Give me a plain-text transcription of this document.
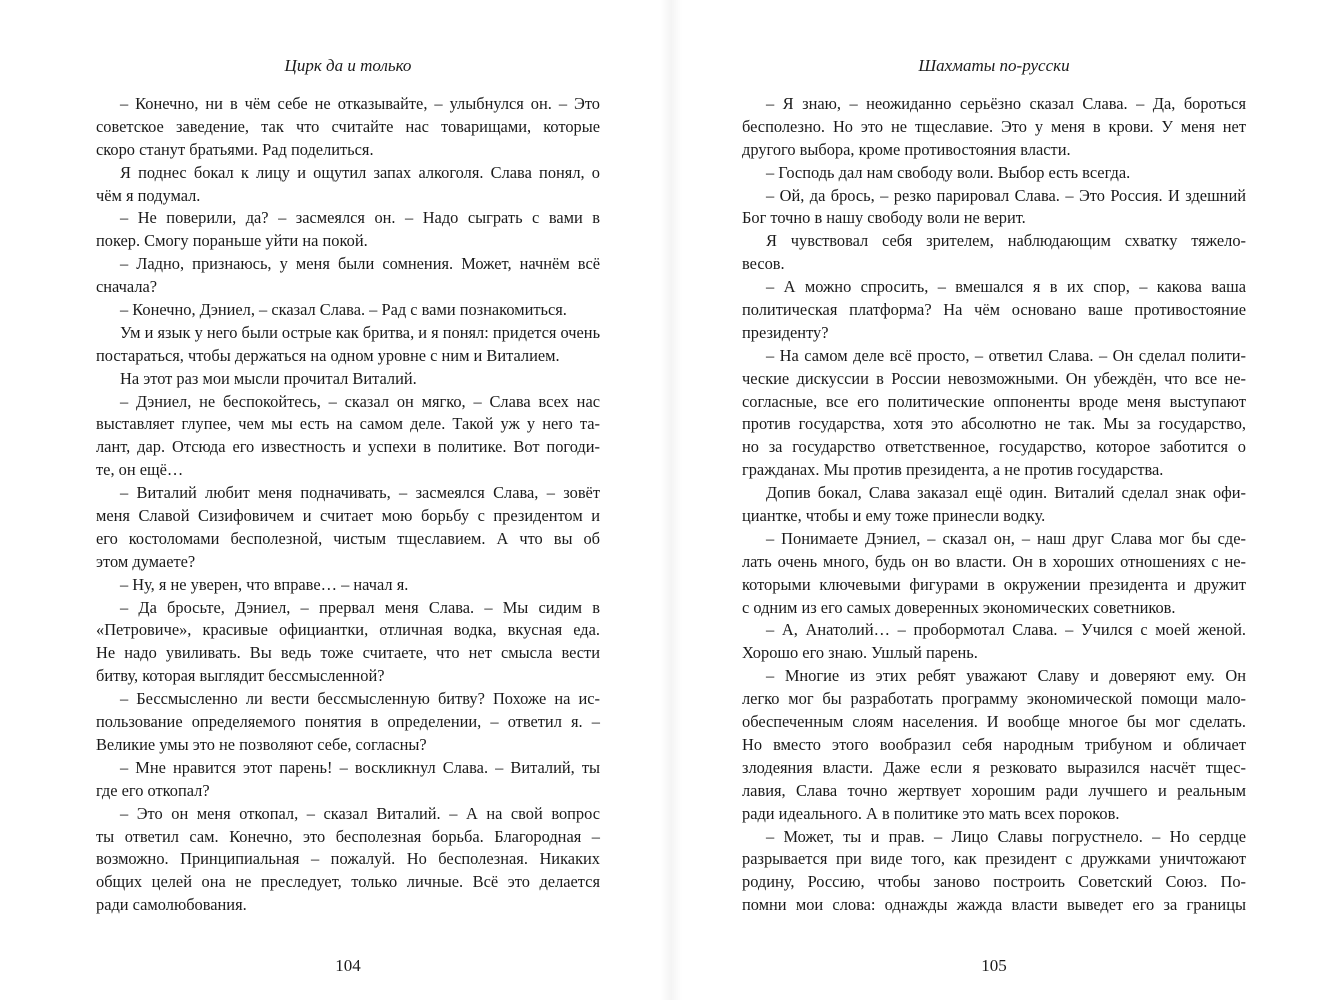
Цирк да и только
– Конечно, ни в чём себе не отказывайте, – улыбнулся он. – Это
советское заведение, так что считайте нас товарищами, которые
скоро станут братьями. Рад поделиться.
Я поднес бокал к лицу и ощутил запах алкоголя. Слава понял, о
чём я подумал.
– Не поверили, да? – засмеялся он. – Надо сыграть с вами в
покер. Смогу пораньше уйти на покой.
– Ладно, признаюсь, у меня были сомнения. Может, начнём всё
сначала?
– Конечно, Дэниел, – сказал Слава. – Рад с вами познакомиться.
Ум и язык у него были острые как бритва, и я понял: придется очень
постараться, чтобы держаться на одном уровне с ним и Виталием.
На этот раз мои мысли прочитал Виталий.
– Дэниел, не беспокойтесь, – сказал он мягко, – Слава всех нас
выставляет глупее, чем мы есть на самом деле. Такой уж у него та-
лант, дар. Отсюда его известность и успехи в политике. Вот погоди-
те, он ещё…
– Виталий любит меня подначивать, – засмеялся Слава, – зовёт
меня Славой Сизифовичем и считает мою борьбу с президентом и
его костоломами бесполезной, чистым тщеславием. А что вы об
этом думаете?
– Ну, я не уверен, что вправе… – начал я.
– Да бросьте, Дэниел, – прервал меня Слава. – Мы сидим в
«Петровиче», красивые официантки, отличная водка, вкусная еда.
Не надо увиливать. Вы ведь тоже считаете, что нет смысла вести
битву, которая выглядит бессмысленной?
– Бессмысленно ли вести бессмысленную битву? Похоже на ис-
пользование определяемого понятия в определении, – ответил я. –
Великие умы это не позволяют себе, согласны?
– Мне нравится этот парень! – воскликнул Слава. – Виталий, ты
где его откопал?
– Это он меня откопал, – сказал Виталий. – А на свой вопрос
ты ответил сам. Конечно, это бесполезная борьба. Благородная –
возможно. Принципиальная – пожалуй. Но бесполезная. Никаких
общих целей она не преследует, только личные. Всё это делается
ради самолюбования.
104
Шахматы по-русски
– Я знаю, – неожиданно серьёзно сказал Слава. – Да, бороться
бесполезно. Но это не тщеславие. Это у меня в крови. У меня нет
другого выбора, кроме противостояния власти.
– Господь дал нам свободу воли. Выбор есть всегда.
– Ой, да брось, – резко парировал Слава. – Это Россия. И здешний
Бог точно в нашу свободу воли не верит.
Я чувствовал себя зрителем, наблюдающим схватку тяжело-
весов.
– А можно спросить, – вмешался я в их спор, – какова ваша
политическая платформа? На чём основано ваше противостояние
президенту?
– На самом деле всё просто, – ответил Слава. – Он сделал полити-
ческие дискуссии в России невозможными. Он убеждён, что все не-
согласные, все его политические оппоненты вроде меня выступают
против государства, хотя это абсолютно не так. Мы за государство,
но за государство ответственное, государство, которое заботится о
гражданах. Мы против президента, а не против государства.
Допив бокал, Слава заказал ещё один. Виталий сделал знак офи-
циантке, чтобы и ему тоже принесли водку.
– Понимаете Дэниел, – сказал он, – наш друг Слава мог бы сде-
лать очень много, будь он во власти. Он в хороших отношениях с не-
которыми ключевыми фигурами в окружении президента и дружит
с одним из его самых доверенных экономических советников.
– А, Анатолий… – пробормотал Слава. – Учился с моей женой.
Хорошо его знаю. Ушлый парень.
– Многие из этих ребят уважают Славу и доверяют ему. Он
легко мог бы разработать программу экономической помощи мало-
обеспеченным слоям населения. И вообще многое бы мог сделать.
Но вместо этого вообразил себя народным трибуном и обличает
злодеяния власти. Даже если я резковато выразился насчёт тщес-
лавия, Слава точно жертвует хорошим ради лучшего и реальным
ради идеального. А в политике это мать всех пороков.
– Может, ты и прав. – Лицо Славы погрустнело. – Но сердце
разрывается при виде того, как президент с дружками уничтожают
родину, Россию, чтобы заново построить Советский Союз. По-
помни мои слова: однажды жажда власти выведет его за границы
105
